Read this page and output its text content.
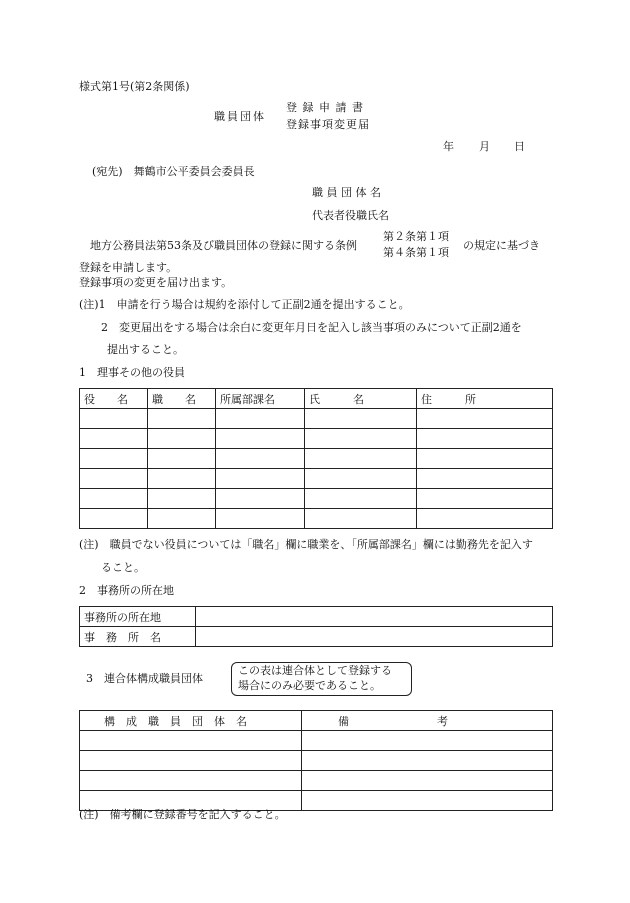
様式第1号(第2条関係)
職員団体
登 録 申 請 書
登録事項変更届
年 月 日
(宛先)　舞鶴市公平委員会委員長
職 員 団 体 名
代表者役職氏名
地方公務員法第53条及び職員団体の登録に関する条例
第２条第１項
第４条第１項
の規定に基づき
登録を申請します。
登録事項の変更を届け出ます。
(注)1　申請を行う場合は規約を添付して正副2通を提出すること。
2　変更届出をする場合は余白に変更年月日を記入し該当事項のみについて正副2通を
提出すること。
1　理事その他の役員
役　　名	職　　名	所属部課名	氏　　　名	住　　　所

(注)　職員でない役員については「職名」欄に職業を、「所属部課名」欄には勤務先を記入す
ること。
2　事務所の所在地
事務所の所在地	
事　務　所　名	
3　連合体構成職員団体
この表は連合体として登録する
場合にのみ必要であること。
構　成　職　員　団　体　名	備　　　　　　　　考

(注)　備考欄に登録番号を記入すること。
